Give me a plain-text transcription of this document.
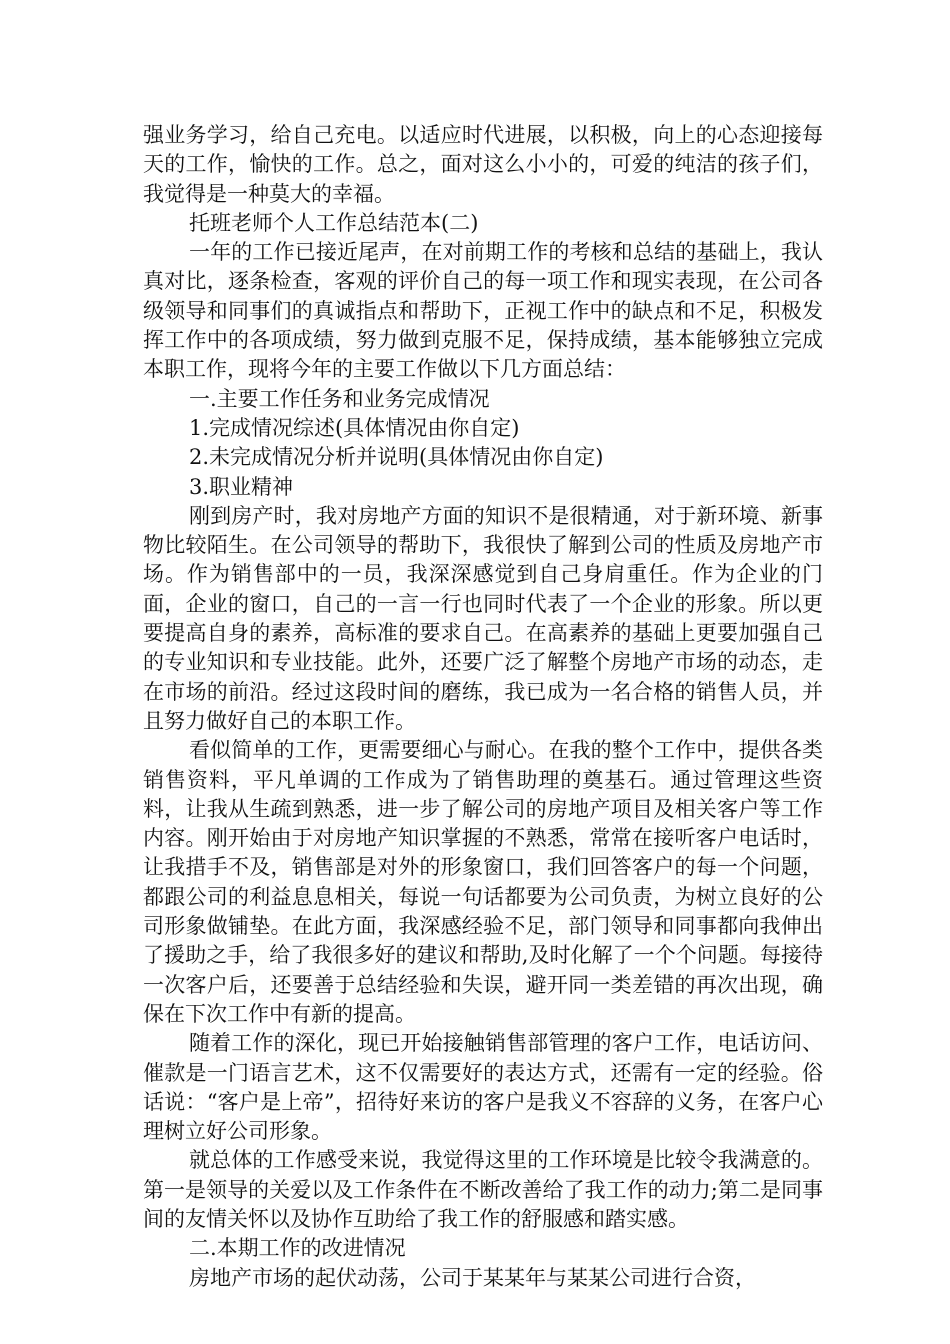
强业务学习，给自己充电。以适应时代进展，以积极，向上的心态迎接每天的工作，愉快的工作。总之，面对这么小小的，可爱的纯洁的孩子们，我觉得是一种莫大的幸福。

托班老师个人工作总结范本(二)

一年的工作已接近尾声，在对前期工作的考核和总结的基础上，我认真对比，逐条检查，客观的评价自己的每一项工作和现实表现，在公司各级领导和同事们的真诚指点和帮助下，正视工作中的缺点和不足，积极发挥工作中的各项成绩，努力做到克服不足，保持成绩，基本能够独立完成本职工作，现将今年的主要工作做以下几方面总结：

一.主要工作任务和业务完成情况

1.完成情况综述(具体情况由你自定)

2.未完成情况分析并说明(具体情况由你自定)

3.职业精神

刚到房产时，我对房地产方面的知识不是很精通，对于新环境、新事物比较陌生。在公司领导的帮助下，我很快了解到公司的性质及房地产市场。作为销售部中的一员，我深深感觉到自己身肩重任。作为企业的门面，企业的窗口，自己的一言一行也同时代表了一个企业的形象。所以更要提高自身的素养，高标准的要求自己。在高素养的基础上更要加强自己的专业知识和专业技能。此外，还要广泛了解整个房地产市场的动态，走在市场的前沿。经过这段时间的磨练，我已成为一名合格的销售人员，并且努力做好自己的本职工作。

看似简单的工作，更需要细心与耐心。在我的整个工作中，提供各类销售资料，平凡单调的工作成为了销售助理的奠基石。通过管理这些资料，让我从生疏到熟悉，进一步了解公司的房地产项目及相关客户等工作内容。刚开始由于对房地产知识掌握的不熟悉，常常在接听客户电话时，让我措手不及，销售部是对外的形象窗口，我们回答客户的每一个问题，都跟公司的利益息息相关，每说一句话都要为公司负责，为树立良好的公司形象做铺垫。在此方面，我深感经验不足，部门领导和同事都向我伸出了援助之手，给了我很多好的建议和帮助,及时化解了一个个问题。每接待一次客户后，还要善于总结经验和失误，避开同一类差错的再次出现，确保在下次工作中有新的提高。

随着工作的深化，现已开始接触销售部管理的客户工作，电话访问、催款是一门语言艺术，这不仅需要好的表达方式，还需有一定的经验。俗话说：“客户是上帝”，招待好来访的客户是我义不容辞的义务，在客户心理树立好公司形象。

就总体的工作感受来说，我觉得这里的工作环境是比较令我满意的。第一是领导的关爱以及工作条件在不断改善给了我工作的动力;第二是同事间的友情关怀以及协作互助给了我工作的舒服感和踏实感。

二.本期工作的改进情况

房地产市场的起伏动荡，公司于某某年与某某公司进行合资，
